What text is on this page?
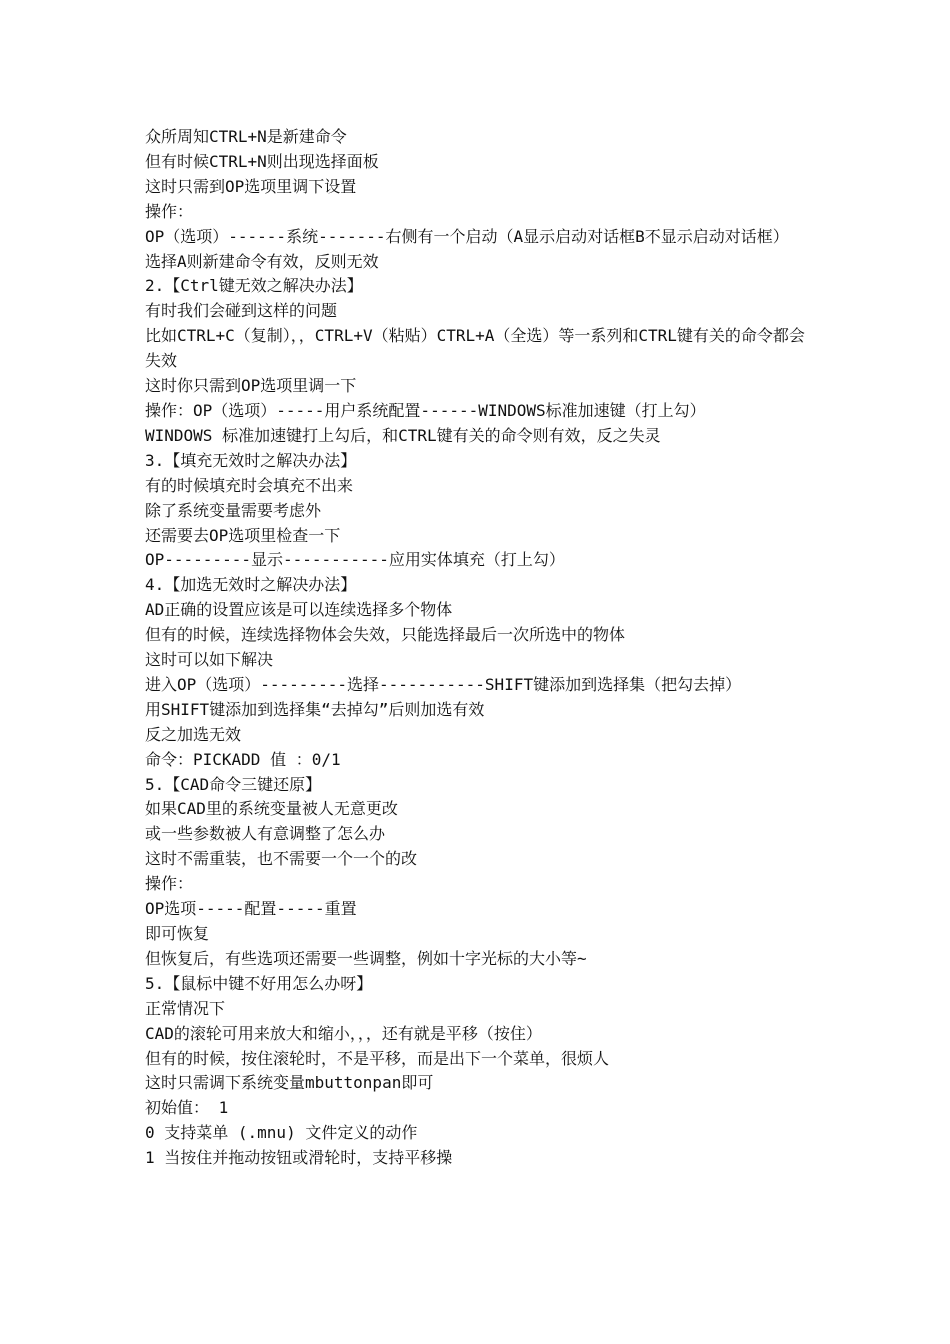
众所周知CTRL+N是新建命令

但有时候CTRL+N则出现选择面板

这时只需到OP选项里调下设置

操作：

OP（选项）------系统-------右侧有一个启动（A显示启动对话框B不显示启动对话框）

选择A则新建命令有效，反则无效

2.【Ctrl键无效之解决办法】

有时我们会碰到这样的问题

比如CTRL+C（复制），，CTRL+V（粘贴）CTRL+A（全选）等一系列和CTRL键有关的命令都会失效

这时你只需到OP选项里调一下

操作：OP（选项）-----用户系统配置------WINDOWS标准加速键（打上勾）

WINDOWS 标准加速键打上勾后，和CTRL键有关的命令则有效，反之失灵

3.【填充无效时之解决办法】

有的时候填充时会填充不出来

除了系统变量需要考虑外

还需要去OP选项里检查一下

OP---------显示-----------应用实体填充（打上勾）

4.【加选无效时之解决办法】

AD正确的设置应该是可以连续选择多个物体

但有的时候，连续选择物体会失效，只能选择最后一次所选中的物体

这时可以如下解决

进入OP（选项）---------选择-----------SHIFT键添加到选择集（把勾去掉）

用SHIFT键添加到选择集“去掉勾”后则加选有效

反之加选无效

命令：PICKADD 值 ：0/1

5.【CAD命令三键还原】

如果CAD里的系统变量被人无意更改

或一些参数被人有意调整了怎么办

这时不需重装，也不需要一个一个的改

操作：

OP选项-----配置-----重置

即可恢复

但恢复后，有些选项还需要一些调整，例如十字光标的大小等~

5.【鼠标中键不好用怎么办呀】

正常情况下

CAD的滚轮可用来放大和缩小，，，还有就是平移（按住）

但有的时候，按住滚轮时，不是平移，而是出下一个菜单，很烦人

这时只需调下系统变量mbuttonpan即可

初始值： 1

0 支持菜单 (.mnu) 文件定义的动作

1 当按住并拖动按钮或滑轮时，支持平移操
